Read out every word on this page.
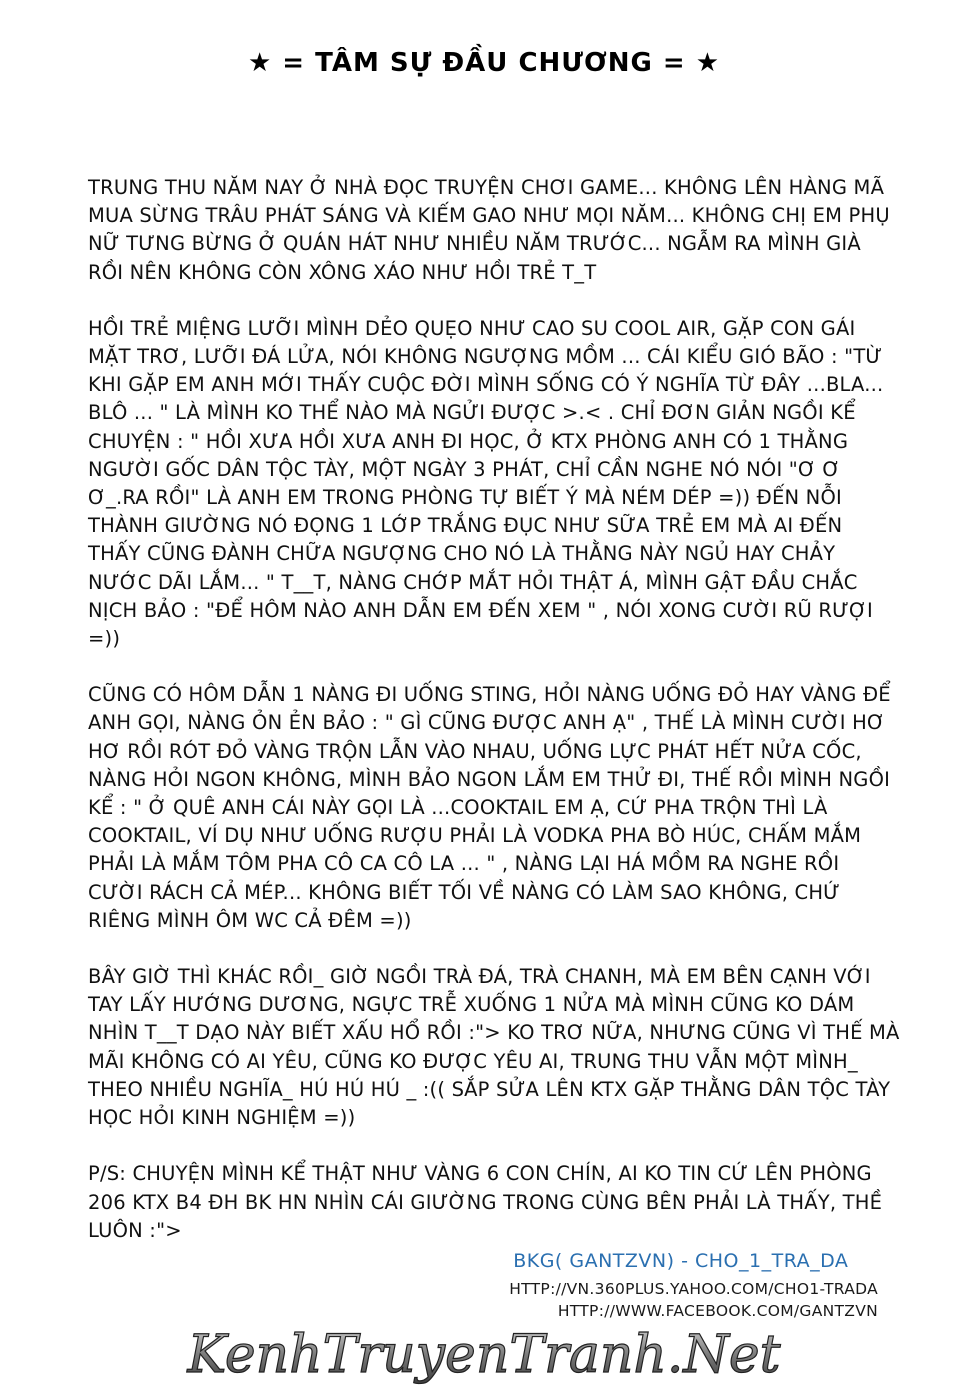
★ = TÂM SỰ ĐẦU CHƯƠNG = ★

TRUNG THU NĂM NAY Ở NHÀ ĐỌC TRUYỆN CHƠI GAME... KHÔNG LÊN HÀNG MÃ MUA SỪNG TRÂU PHÁT SÁNG VÀ KIẾM GAO NHƯ MỌI NĂM... KHÔNG CHỊ EM PHỤ NỮ TƯNG BỪNG Ở QUÁN HÁT NHƯ NHIỀU NĂM TRƯỚC... NGẪM RA MÌNH GIÀ RỒI NÊN KHÔNG CÒN XÔNG XÁO NHƯ HỒI TRẺ T_T

HỒI TRẺ MIỆNG LƯỠI MÌNH DẺO QUẸO NHƯ CAO SU COOL AIR, GẶP CON GÁI MẶT TRƠ, LƯỠI ĐÁ LỬA, NÓI KHÔNG NGƯỢNG MỒM ... CÁI KIỂU GIÓ BÃO : "TỪ KHI GẶP EM ANH MỚI THẤY CUỘC ĐỜI MÌNH SỐNG CÓ Ý NGHĨA TỪ ĐÂY ...BLA... BLÔ ... " LÀ MÌNH KO THỂ NÀO MÀ NGỬI ĐƯỢC >.< . CHỈ ĐƠN GIẢN NGỒI KỂ CHUYỆN : " HỒI XƯA HỒI XƯA ANH ĐI HỌC, Ở KTX PHÒNG ANH CÓ 1 THẰNG NGƯỜI GỐC DÂN TỘC TÀY, MỘT NGÀY 3 PHÁT, CHỈ CẦN NGHE NÓ NÓI "Ơ Ơ Ơ_.RA RỒI" LÀ ANH EM TRONG PHÒNG TỰ BIẾT Ý MÀ NÉM DÉP =)) ĐẾN NỖI THÀNH GIƯỜNG NÓ ĐỌNG 1 LỚP TRẮNG ĐỤC NHƯ SỮA TRẺ EM MÀ AI ĐẾN THẤY CŨNG ĐÀNH CHỮA NGƯỢNG CHO NÓ LÀ THẰNG NÀY NGỦ HAY CHẢY NƯỚC DÃI LẮM... " T__T, NÀNG CHỚP MẮT HỎI THẬT Á, MÌNH GẬT ĐẦU CHẮC NỊCH BẢO : "ĐỂ HÔM NÀO ANH DẪN EM ĐẾN XEM " , NÓI XONG CƯỜI RŨ RƯỢI =))

CŨNG CÓ HÔM DẪN 1 NÀNG ĐI UỐNG STING, HỎI NÀNG UỐNG ĐỎ HAY VÀNG ĐỂ ANH GỌI, NÀNG ỎN ẺN BẢO : " GÌ CŨNG ĐƯỢC ANH Ạ" , THẾ LÀ MÌNH CƯỜI HƠ HƠ RỒI RÓT ĐỎ VÀNG TRỘN LẪN VÀO NHAU, UỐNG LỰC PHÁT HẾT NỬA CỐC, NÀNG HỎI NGON KHÔNG, MÌNH BẢO NGON LẮM EM THỬ ĐI, THẾ RỒI MÌNH NGỒI KỂ : " Ở QUÊ ANH CÁI NÀY GỌI LÀ ...COOKTAIL EM Ạ, CỨ PHA TRỘN THÌ LÀ COOKTAIL, VÍ DỤ NHƯ UỐNG RƯỢU PHẢI LÀ VODKA PHA BÒ HÚC, CHẤM MẮM PHẢI LÀ MẮM TÔM PHA CÔ CA CÔ LA ... " , NÀNG LẠI HÁ MỒM RA NGHE RỒI CƯỜI RÁCH CẢ MÉP... KHÔNG BIẾT TỐI VỀ NÀNG CÓ LÀM SAO KHÔNG, CHỨ RIÊNG MÌNH ÔM WC CẢ ĐÊM =))

BÂY GIỜ THÌ KHÁC RỒI_ GIỜ NGỒI TRÀ ĐÁ, TRÀ CHANH, MÀ EM BÊN CẠNH VỚI TAY LẤY HƯỚNG DƯƠNG, NGỰC TRỄ XUỐNG 1 NỬA MÀ MÌNH CŨNG KO DÁM NHÌN T__T DẠO NÀY BIẾT XẤU HỔ RỒI :"> KO TRƠ NỮA, NHƯNG CŨNG VÌ THẾ MÀ MÃI KHÔNG CÓ AI YÊU, CŨNG KO ĐƯỢC YÊU AI, TRUNG THU VẪN MỘT MÌNH_ THEO NHIỀU NGHĨA_ HÚ HÚ HÚ _ :(( SẮP SỬA LÊN KTX GẶP THẰNG DÂN TỘC TÀY HỌC HỎI KINH NGHIỆM =))

P/S: CHUYỆN MÌNH KỂ THẬT NHƯ VÀNG 6 CON CHÍN, AI KO TIN CỨ LÊN PHÒNG 206 KTX B4 ĐH BK HN NHÌN CÁI GIƯỜNG TRONG CÙNG BÊN PHẢI LÀ THẤY, THỀ LUÔN :">

BKG( GANTZVN) - CHO_1_TRA_DA
HTTP://VN.360PLUS.YAHOO.COM/CHO1-TRADA
HTTP://WWW.FACEBOOK.COM/GANTZVN
KenhTruyenTranh.Net
